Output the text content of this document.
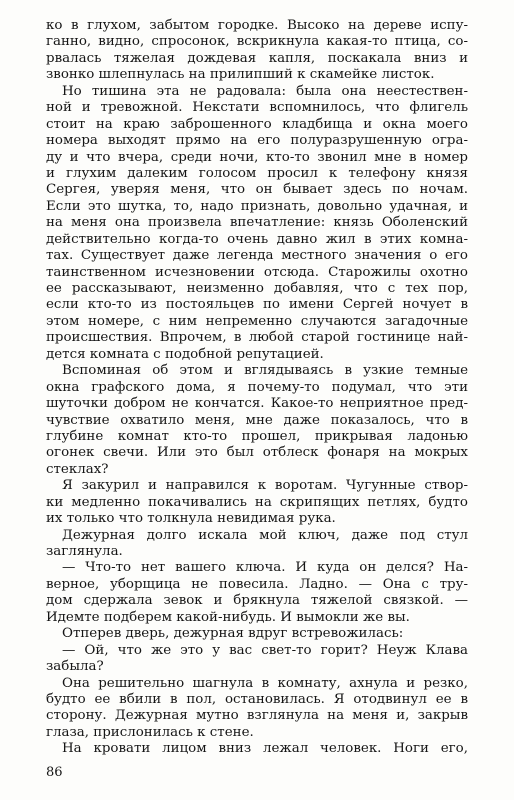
ко в глухом, забытом городке. Высоко на дереве испу-
ганно, видно, спросонок, вскрикнула какая-то птица, со-
рвалась тяжелая дождевая капля, поскакала вниз и
звонко шлепнулась на прилипший к скамейке листок.
Но тишина эта не радовала: была она неестествен-
ной и тревожной. Некстати вспомнилось, что флигель
стоит на краю заброшенного кладбища и окна моего
номера выходят прямо на его полуразрушенную огра-
ду и что вчера, среди ночи, кто-то звонил мне в номер
и глухим далеким голосом просил к телефону князя
Сергея, уверяя меня, что он бывает здесь по ночам.
Если это шутка, то, надо признать, довольно удачная, и
на меня она произвела впечатление: князь Оболенский
действительно когда-то очень давно жил в этих комна-
тах. Существует даже легенда местного значения о его
таинственном исчезновении отсюда. Старожилы охотно
ее рассказывают, неизменно добавляя, что с тех пор,
если кто-то из постояльцев по имени Сергей ночует в
этом номере, с ним непременно случаются загадочные
происшествия. Впрочем, в любой старой гостинице най-
дется комната с подобной репутацией.
Вспоминая об этом и вглядываясь в узкие темные
окна графского дома, я почему-то подумал, что эти
шуточки добром не кончатся. Какое-то неприятное пред-
чувствие охватило меня, мне даже показалось, что в
глубине комнат кто-то прошел, прикрывая ладонью
огонек свечи. Или это был отблеск фонаря на мокрых
стеклах?
Я закурил и направился к воротам. Чугунные створ-
ки медленно покачивались на скрипящих петлях, будто
их только что толкнула невидимая рука.
Дежурная долго искала мой ключ, даже под стул
заглянула.
— Что-то нет вашего ключа. И куда он делся? На-
верное, уборщица не повесила. Ладно. — Она с тру-
дом сдержала зевок и брякнула тяжелой связкой. —
Идемте подберем какой-нибудь. И вымокли же вы.
Отперев дверь, дежурная вдруг встревожилась:
— Ой, что же это у вас свет-то горит? Неуж Клава
забыла?
Она решительно шагнула в комнату, ахнула и резко,
будто ее вбили в пол, остановилась. Я отодвинул ее в
сторону. Дежурная мутно взглянула на меня и, закрыв
глаза, прислонилась к стене.
На кровати лицом вниз лежал человек. Ноги его,
86
